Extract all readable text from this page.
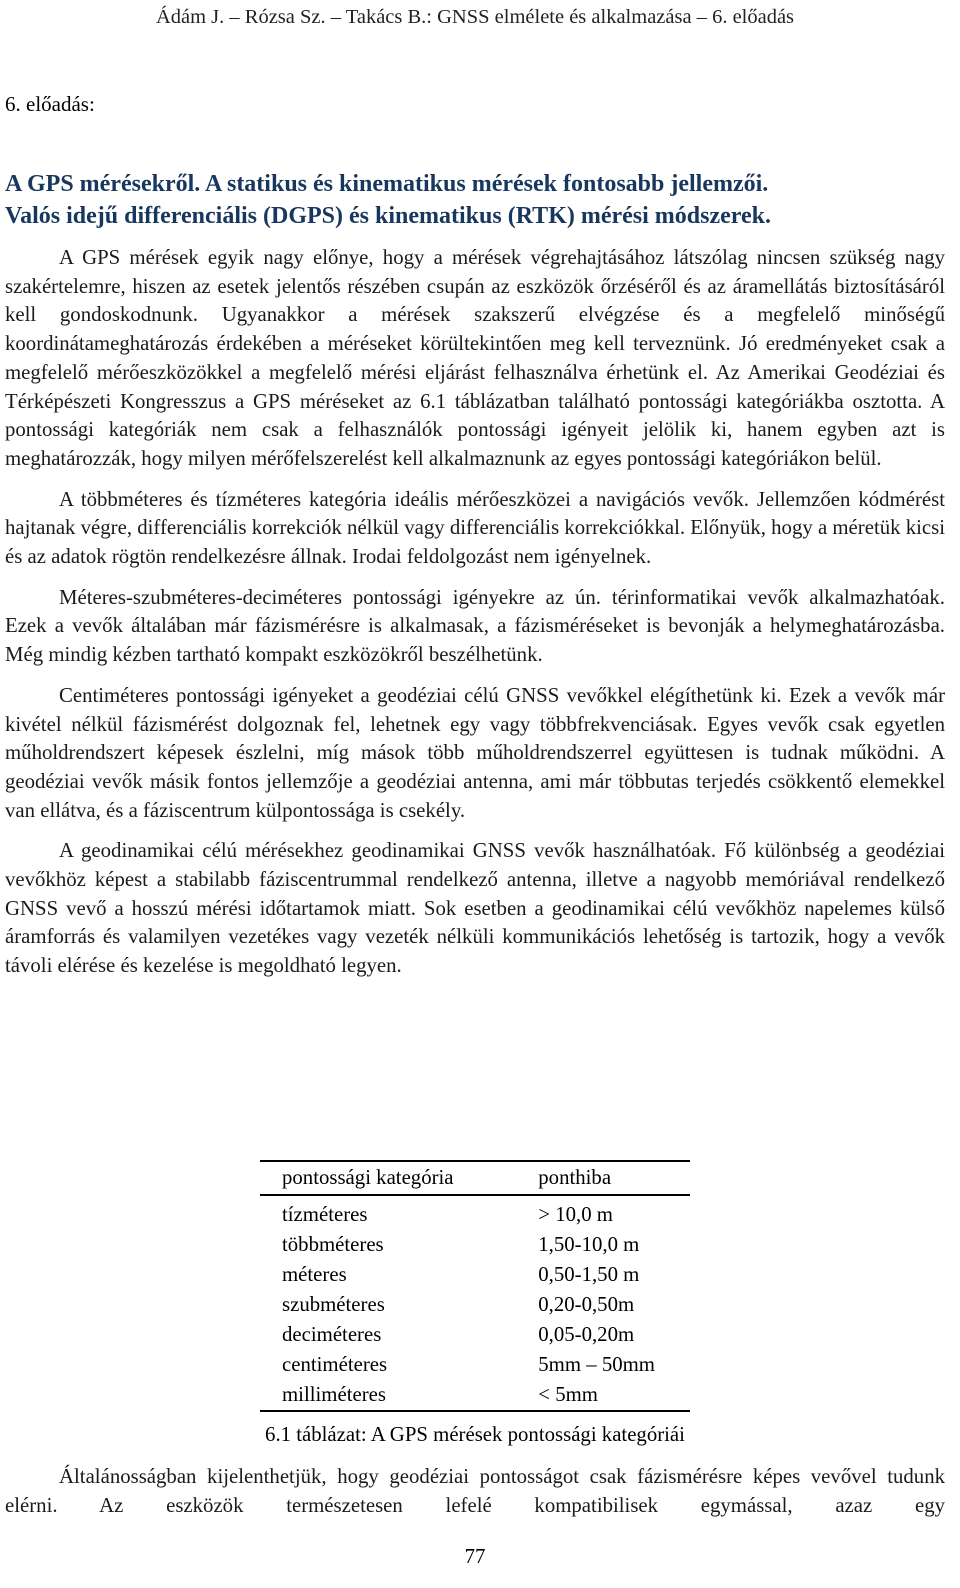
Ádám J. – Rózsa Sz. – Takács B.: GNSS elmélete és alkalmazása – 6. előadás
6. előadás:
A GPS mérésekről. A statikus és kinematikus mérések fontosabb jellemzői.
Valós idejű differenciális (DGPS) és kinematikus (RTK) mérési módszerek.

A GPS mérések egyik nagy előnye, hogy a mérések végrehajtásához látszólag nincsen szükség nagy szakértelemre, hiszen az esetek jelentős részében csupán az eszközök őrzéséről és az áramellátás biztosításáról kell gondoskodnunk. Ugyanakkor a mérések szakszerű elvégzése és a megfelelő minőségű koordinátameghatározás érdekében a méréseket körültekintően meg kell terveznünk. Jó eredményeket csak a megfelelő mérőeszközökkel a megfelelő mérési eljárást felhasználva érhetünk el. Az Amerikai Geodéziai és Térképészeti Kongresszus a GPS méréseket az 6.1 táblázatban található pontossági kategóriákba osztotta. A pontossági kategóriák nem csak a felhasználók pontossági igényeit jelölik ki, hanem egyben azt is meghatározzák, hogy milyen mérőfelszerelést kell alkalmaznunk az egyes pontossági kategóriákon belül.

A többméteres és tízméteres kategória ideális mérőeszközei a navigációs vevők. Jellemzően kódmérést hajtanak végre, differenciális korrekciók nélkül vagy differenciális korrekciókkal. Előnyük, hogy a méretük kicsi és az adatok rögtön rendelkezésre állnak. Irodai feldolgozást nem igényelnek.

Méteres-szubméteres-deciméteres pontossági igényekre az ún. térinformatikai vevők alkalmazhatóak. Ezek a vevők általában már fázismérésre is alkalmasak, a fázisméréseket is bevonják a helymeghatározásba. Még mindig kézben tartható kompakt eszközökről beszélhetünk.

Centiméteres pontossági igényeket a geodéziai célú GNSS vevőkkel elégíthetünk ki. Ezek a vevők már kivétel nélkül fázismérést dolgoznak fel, lehetnek egy vagy többfrekvenciásak. Egyes vevők csak egyetlen műholdrendszert képesek észlelni, míg mások több műholdrendszerrel együttesen is tudnak működni. A geodéziai vevők másik fontos jellemzője a geodéziai antenna, ami már többutas terjedés csökkentő elemekkel van ellátva, és a fáziscentrum külpontossága is csekély.

A geodinamikai célú mérésekhez geodinamikai GNSS vevők használhatóak. Fő különbség a geodéziai vevőkhöz képest a stabilabb fáziscentrummal rendelkező antenna, illetve a nagyobb memóriával rendelkező GNSS vevő a hosszú mérési időtartamok miatt. Sok esetben a geodinamikai célú vevőkhöz napelemes külső áramforrás és valamilyen vezetékes vagy vezeték nélküli kommunikációs lehetőség is tartozik, hogy a vevők távoli elérése és kezelése is megoldható legyen.

pontossági kategória	ponthiba
tízméteres	> 10,0 m
többméteres	1,50-10,0 m
méteres	0,50-1,50 m
szubméteres	0,20-0,50m
deciméteres	0,05-0,20m
centiméteres	5mm – 50mm
milliméteres	< 5mm
6.1 táblázat: A GPS mérések pontossági kategóriái

Általánosságban kijelenthetjük, hogy geodéziai pontosságot csak fázismérésre képes vevővel tudunk elérni. Az eszközök természetesen lefelé kompatibilisek egymással, azaz egy

77
